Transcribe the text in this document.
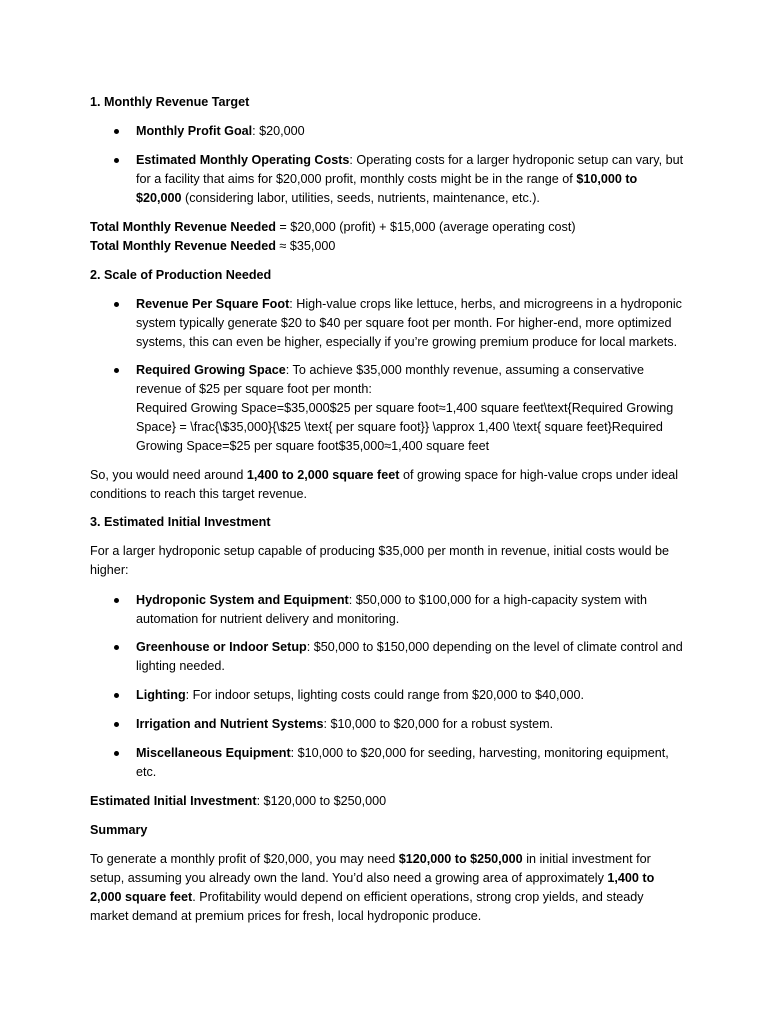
1. Monthly Revenue Target

Monthly Profit Goal: $20,000

Estimated Monthly Operating Costs: Operating costs for a larger hydroponic setup can vary, but for a facility that aims for $20,000 profit, monthly costs might be in the range of $10,000 to $20,000 (considering labor, utilities, seeds, nutrients, maintenance, etc.).

Total Monthly Revenue Needed = $20,000 (profit) + $15,000 (average operating cost)

Total Monthly Revenue Needed ≈ $35,000

2. Scale of Production Needed

Revenue Per Square Foot: High-value crops like lettuce, herbs, and microgreens in a hydroponic system typically generate $20 to $40 per square foot per month. For higher-end, more optimized systems, this can even be higher, especially if you’re growing premium produce for local markets.

Required Growing Space: To achieve $35,000 monthly revenue, assuming a conservative revenue of $25 per square foot per month:
Required Growing Space=$35,000$25 per square foot≈1,400 square feet\text{Required Growing Space} = \frac{\$35,000}{\$25 \text{ per square foot}} \approx 1,400 \text{ square feet}Required Growing Space=$25 per square foot$35,000≈1,400 square feet

So, you would need around 1,400 to 2,000 square feet of growing space for high-value crops under ideal conditions to reach this target revenue.

3. Estimated Initial Investment

For a larger hydroponic setup capable of producing $35,000 per month in revenue, initial costs would be higher:

Hydroponic System and Equipment: $50,000 to $100,000 for a high-capacity system with automation for nutrient delivery and monitoring.

Greenhouse or Indoor Setup: $50,000 to $150,000 depending on the level of climate control and lighting needed.

Lighting: For indoor setups, lighting costs could range from $20,000 to $40,000.

Irrigation and Nutrient Systems: $10,000 to $20,000 for a robust system.

Miscellaneous Equipment: $10,000 to $20,000 for seeding, harvesting, monitoring equipment, etc.

Estimated Initial Investment: $120,000 to $250,000

Summary

To generate a monthly profit of $20,000, you may need $120,000 to $250,000 in initial investment for setup, assuming you already own the land. You’d also need a growing area of approximately 1,400 to 2,000 square feet. Profitability would depend on efficient operations, strong crop yields, and steady market demand at premium prices for fresh, local hydroponic produce.
